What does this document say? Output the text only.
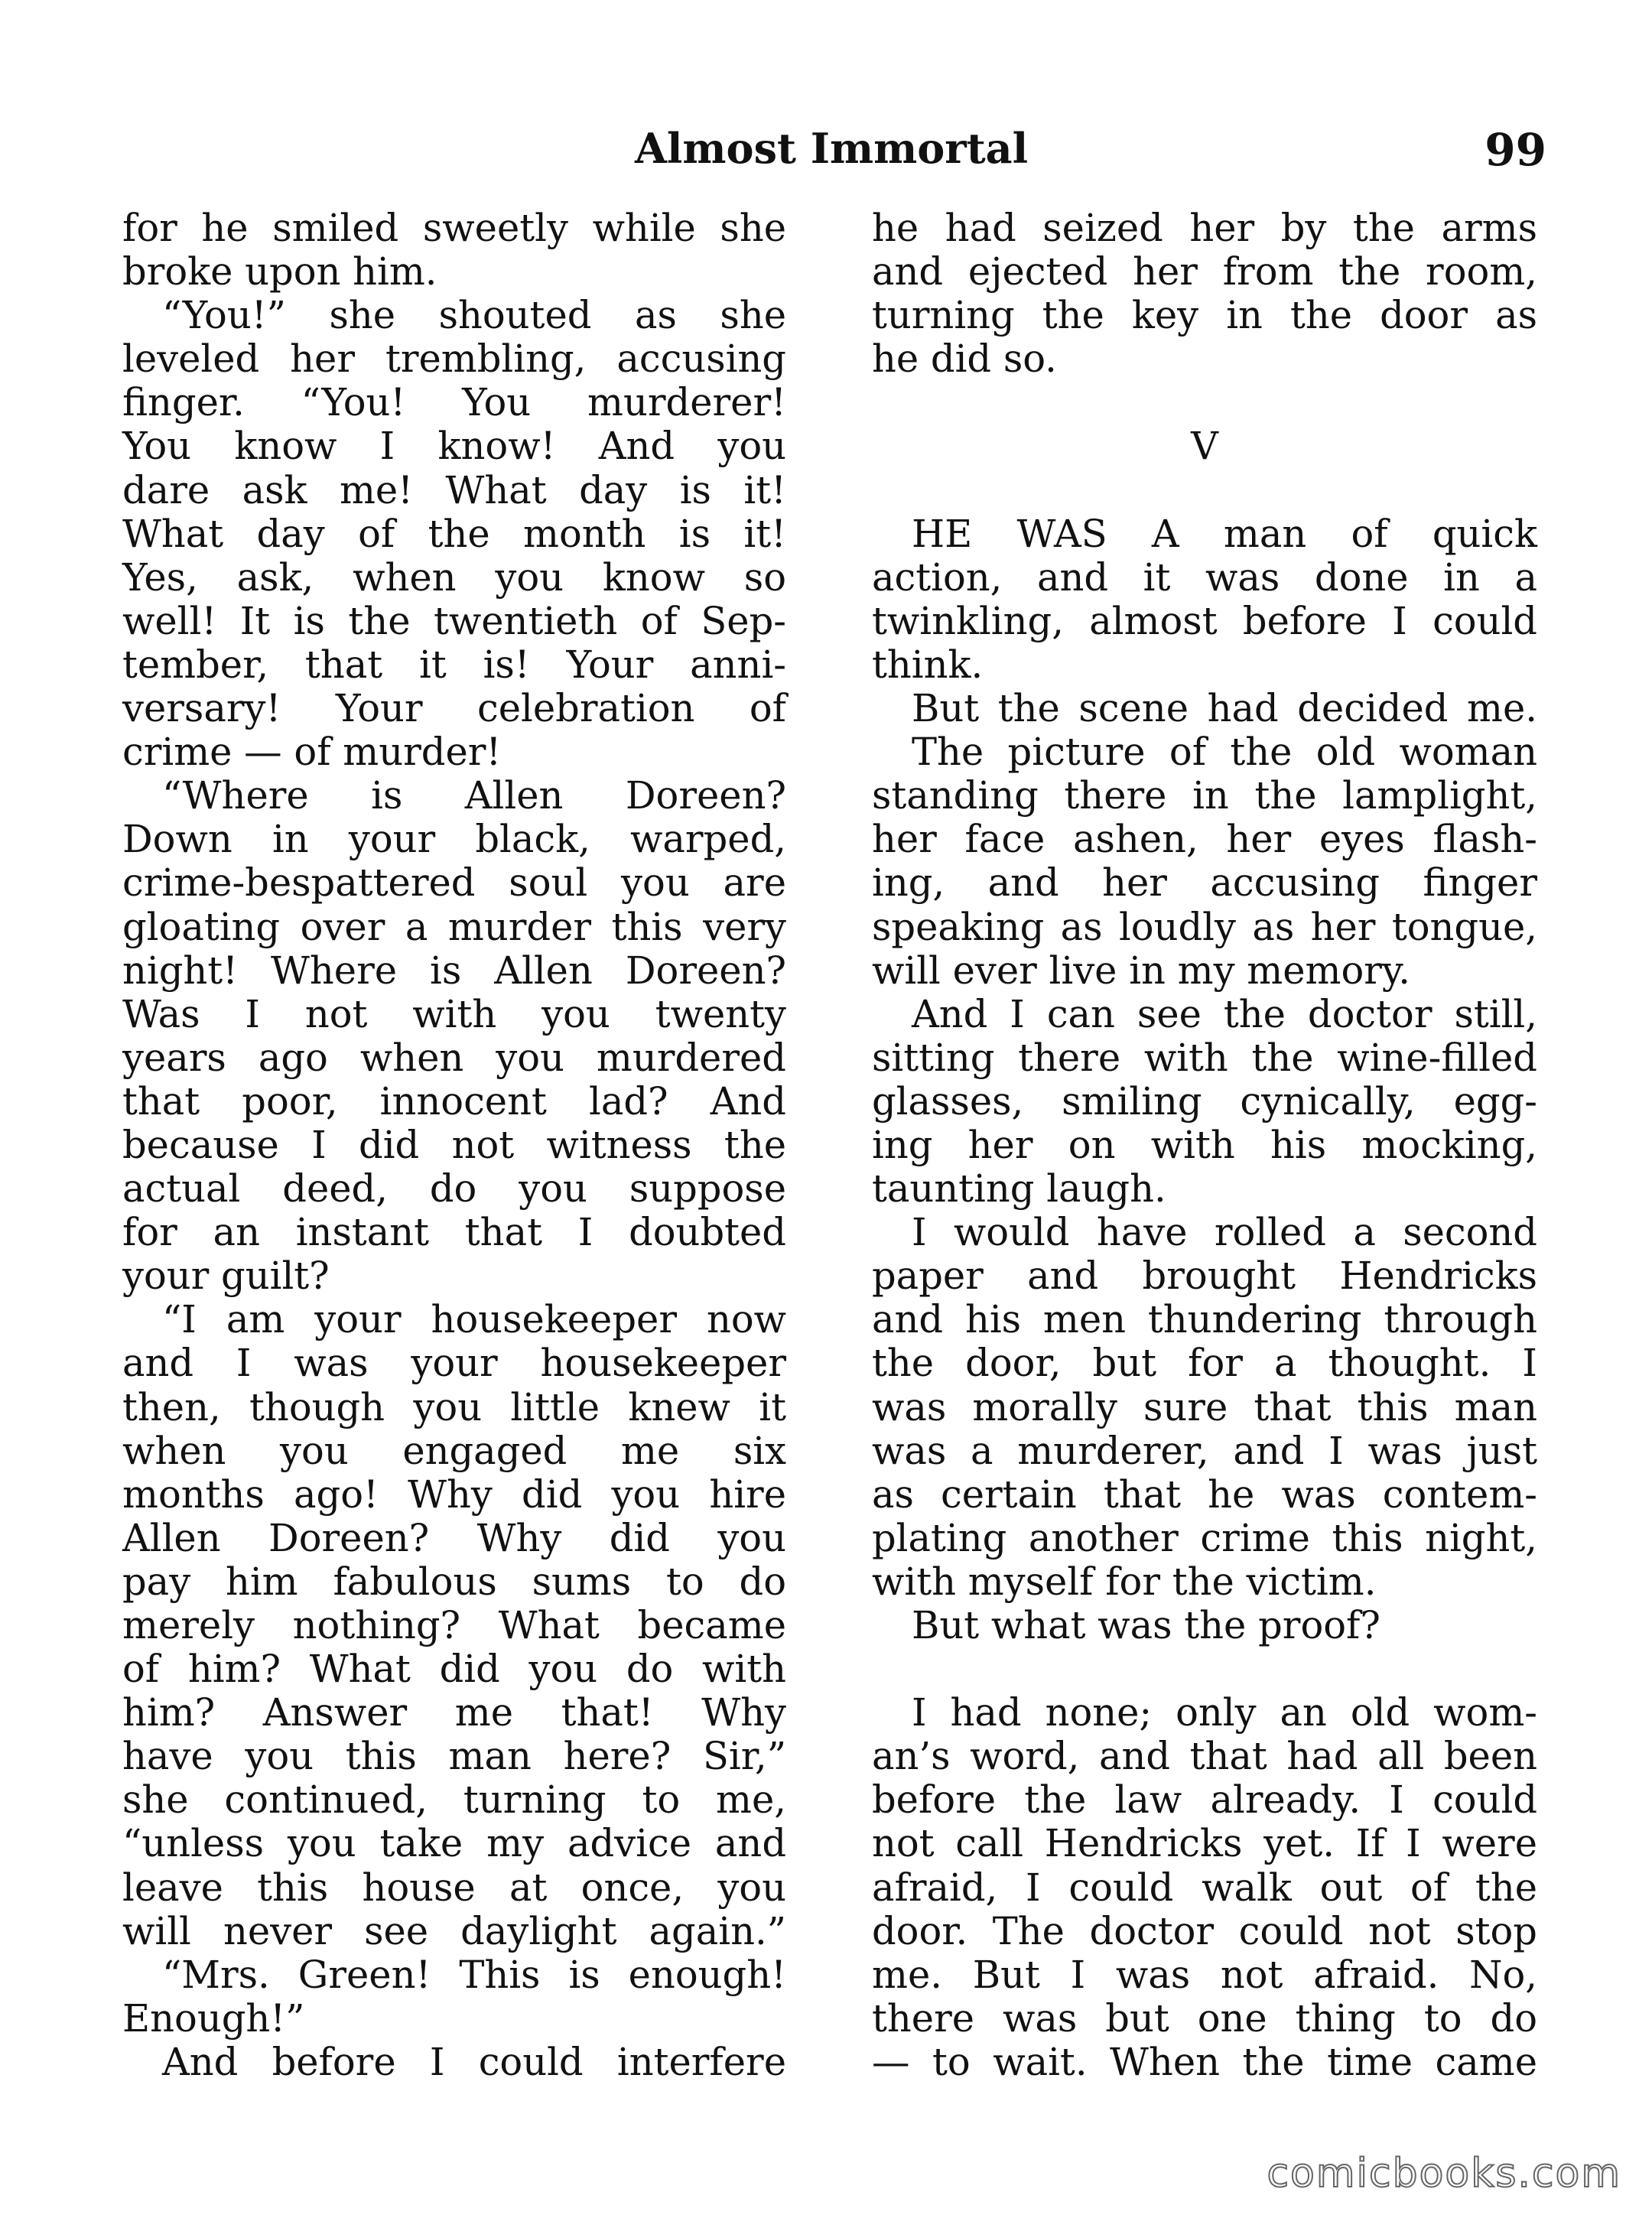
Almost Immortal	99
for he smiled sweetly while she
broke upon him.
“You!” she shouted as she
leveled her trembling, accusing
finger. “You! You murderer!
You know I know! And you
dare ask me! What day is it!
What day of the month is it!
Yes, ask, when you know so
well! It is the twentieth of Sep-
tember, that it is! Your anni-
versary! Your celebration of
crime — of murder!
“Where is Allen Doreen?
Down in your black, warped,
crime-bespattered soul you are
gloating over a murder this very
night! Where is Allen Doreen?
Was I not with you twenty
years ago when you murdered
that poor, innocent lad? And
because I did not witness the
actual deed, do you suppose
for an instant that I doubted
your guilt?
“I am your housekeeper now
and I was your housekeeper
then, though you little knew it
when you engaged me six
months ago! Why did you hire
Allen Doreen? Why did you
pay him fabulous sums to do
merely nothing? What became
of him? What did you do with
him? Answer me that! Why
have you this man here? Sir,”
she continued, turning to me,
“unless you take my advice and
leave this house at once, you
will never see daylight again.”
“Mrs. Green! This is enough!
Enough!”
And before I could interfere
he had seized her by the arms
and ejected her from the room,
turning the key in the door as
he did so.
V
HE WAS A man of quick
action, and it was done in a
twinkling, almost before I could
think.
But the scene had decided me.
The picture of the old woman
standing there in the lamplight,
her face ashen, her eyes flash-
ing, and her accusing finger
speaking as loudly as her tongue,
will ever live in my memory.
And I can see the doctor still,
sitting there with the wine-filled
glasses, smiling cynically, egg-
ing her on with his mocking,
taunting laugh.
I would have rolled a second
paper and brought Hendricks
and his men thundering through
the door, but for a thought. I
was morally sure that this man
was a murderer, and I was just
as certain that he was contem-
plating another crime this night,
with myself for the victim.
But what was the proof?
I had none; only an old wom-
an’s word, and that had all been
before the law already. I could
not call Hendricks yet. If I were
afraid, I could walk out of the
door. The doctor could not stop
me. But I was not afraid. No,
there was but one thing to do
— to wait. When the time came
comicbooks.com
